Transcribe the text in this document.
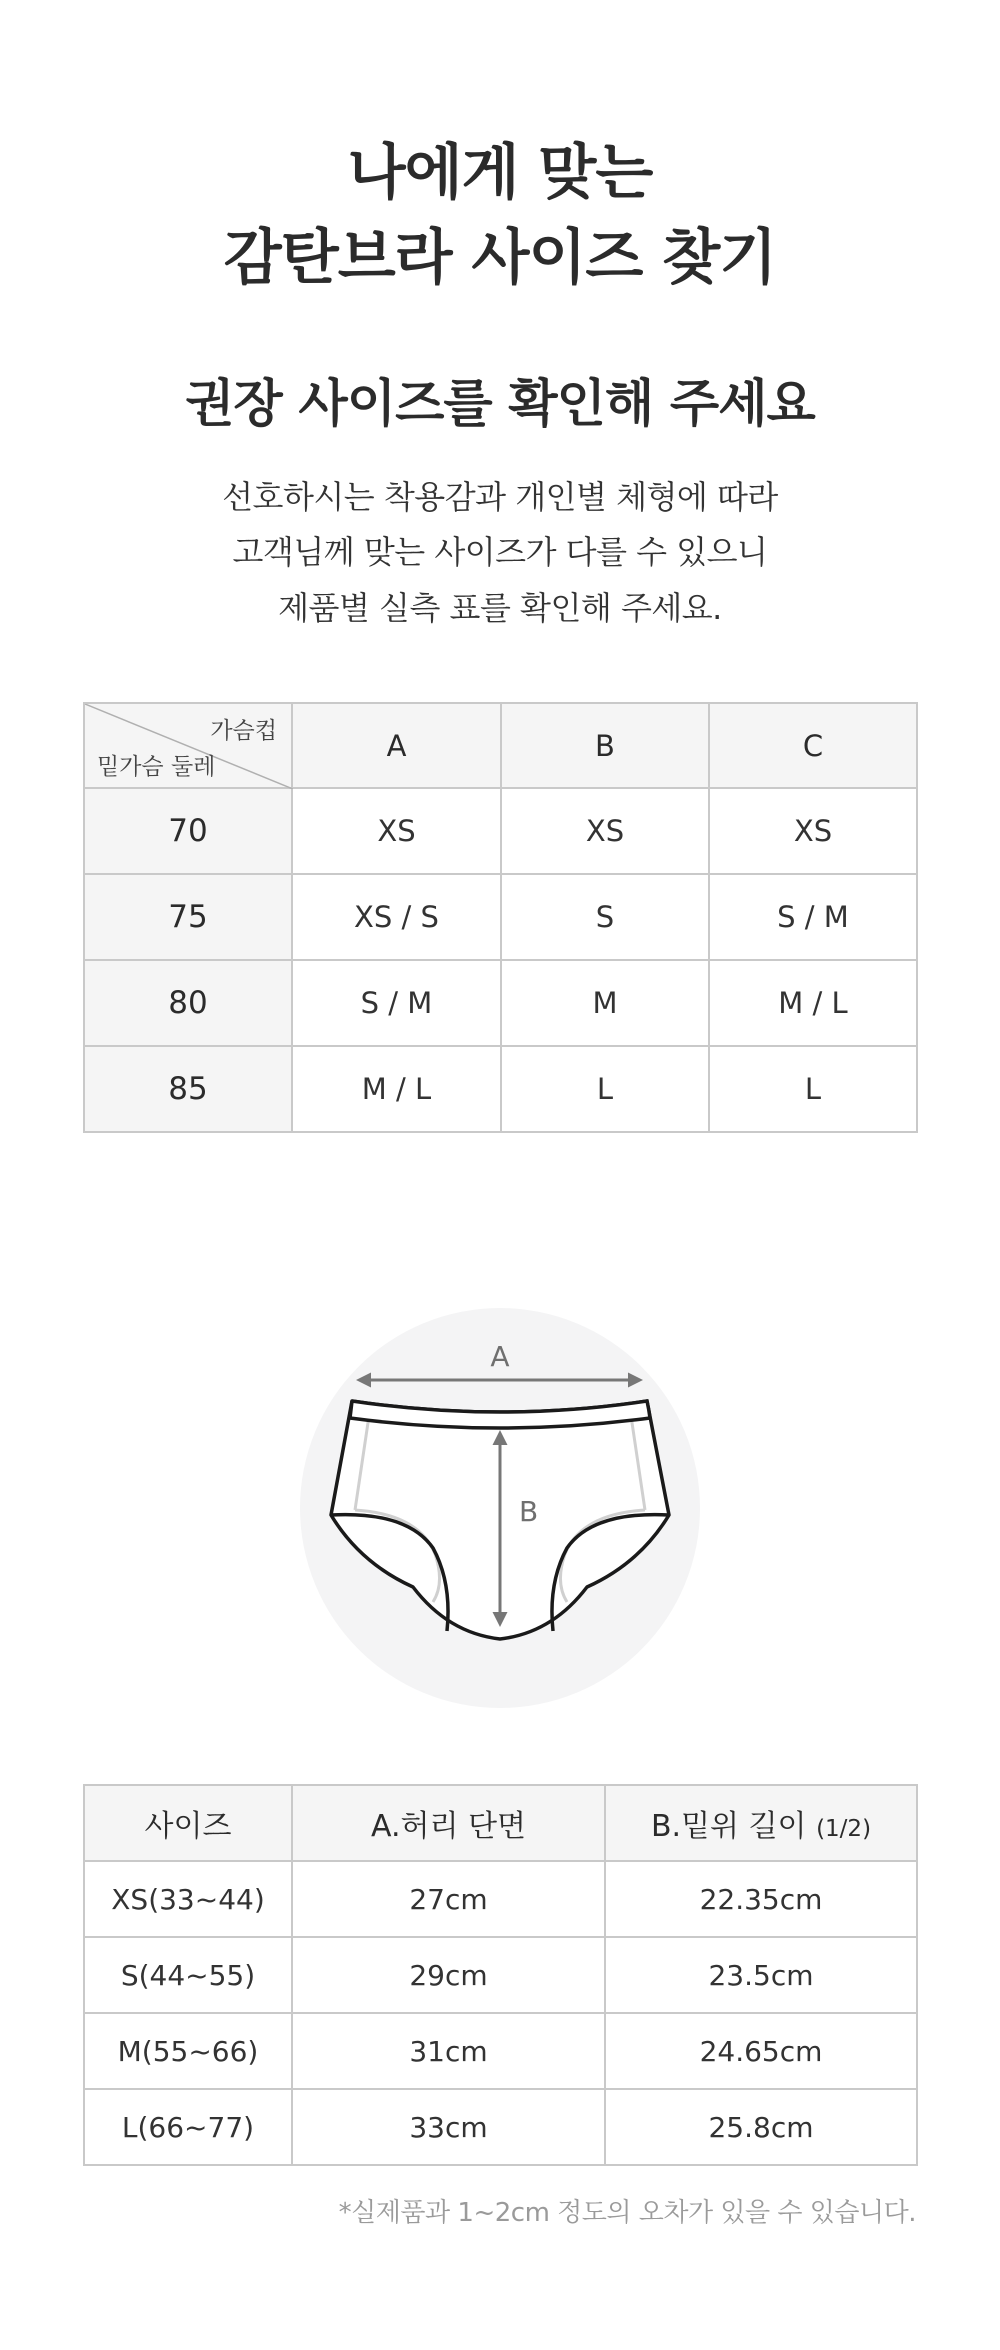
나에게 맞는
감탄브라 사이즈 찾기
권장 사이즈를 확인해 주세요
선호하시는 착용감과 개인별 체형에 따라
고객님께 맞는 사이즈가 다를 수 있으니
제품별 실측 표를 확인해 주세요.
가슴컵
밑가슴 둘레	A	B	C
70	XS	XS	XS
75	XS / S	S	S / M
80	S / M	M	M / L
85	M / L	L	L
A
B
사이즈	A.허리 단면	B.밑위 길이 (1/2)
XS(33~44)	27cm	22.35cm
S(44~55)	29cm	23.5cm
M(55~66)	31cm	24.65cm
L(66~77)	33cm	25.8cm
*실제품과 1~2cm 정도의 오차가 있을 수 있습니다.
